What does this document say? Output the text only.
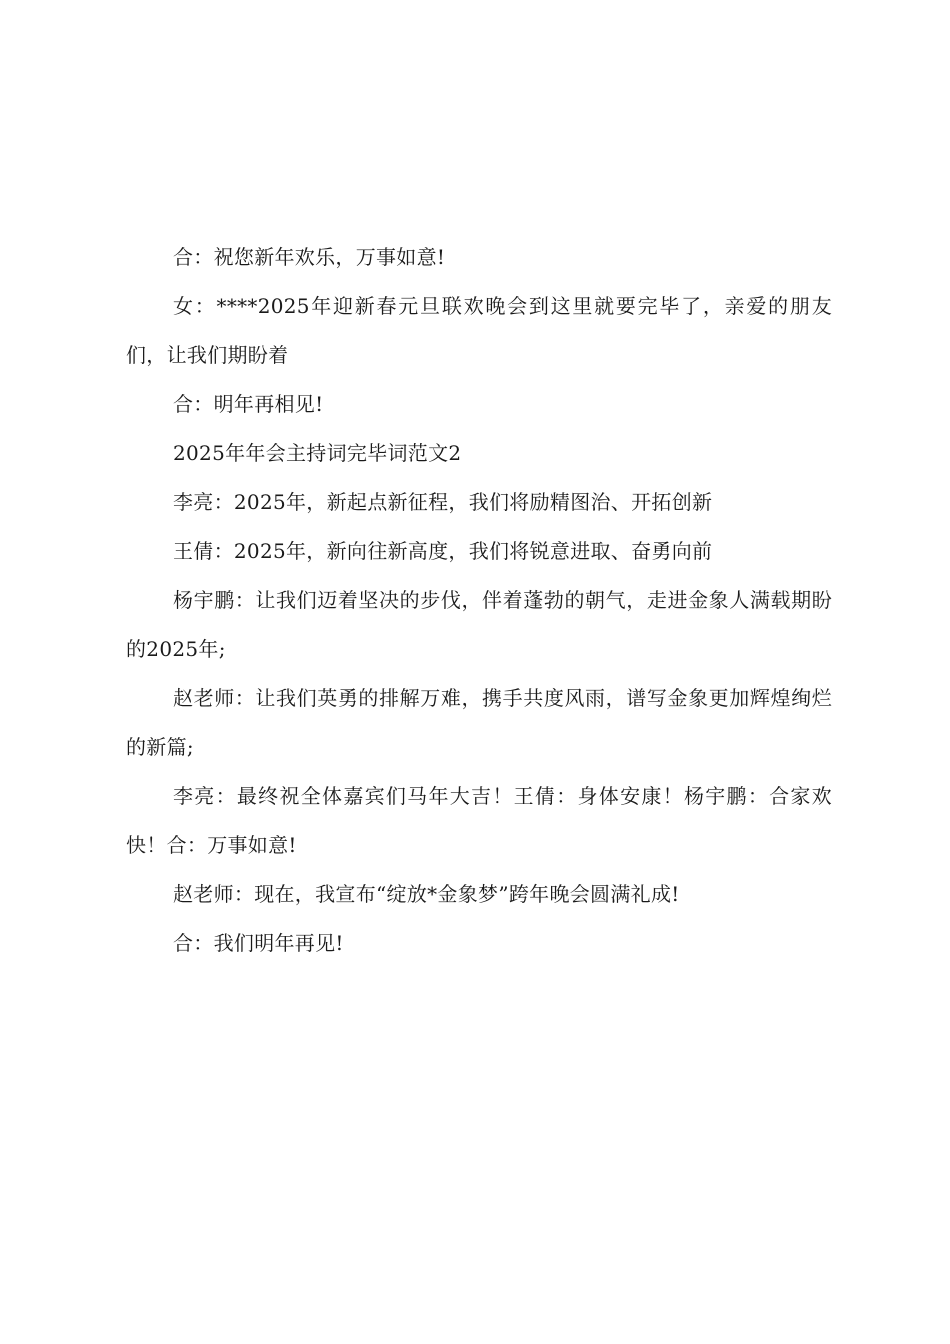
合：祝您新年欢乐，万事如意!

女：****2025年迎新春元旦联欢晚会到这里就要完毕了，亲爱的朋友们，让我们期盼着

合：明年再相见!

2025年年会主持词完毕词范文2

李亮：2025年，新起点新征程，我们将励精图治、开拓创新

王倩：2025年，新向往新高度，我们将锐意进取、奋勇向前

杨宇鹏：让我们迈着坚决的步伐，伴着蓬勃的朝气，走进金象人满载期盼的2025年;

赵老师：让我们英勇的排解万难，携手共度风雨，谱写金象更加辉煌绚烂的新篇;

李亮：最终祝全体嘉宾们马年大吉！王倩：身体安康！杨宇鹏：合家欢快！合：万事如意!

赵老师：现在，我宣布“绽放*金象梦”跨年晚会圆满礼成!

合：我们明年再见!
